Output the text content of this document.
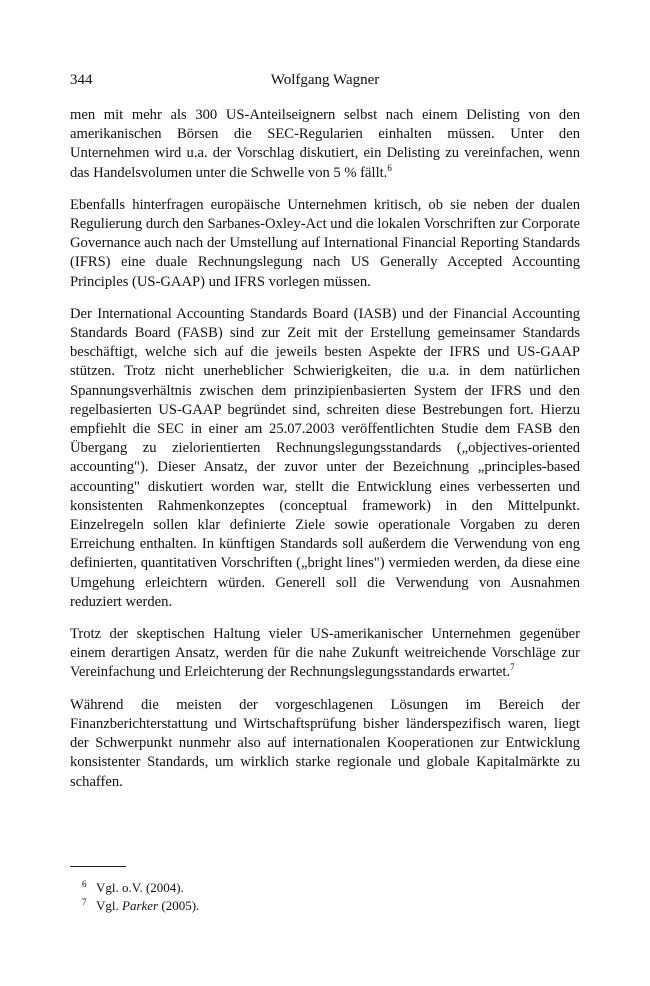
344	Wolfgang Wagner

men mit mehr als 300 US-Anteilseignern selbst nach einem Delisting von den amerikanischen Börsen die SEC-Regularien einhalten müssen. Unter den Unternehmen wird u.a. der Vorschlag diskutiert, ein Delisting zu vereinfachen, wenn das Handelsvolumen unter die Schwelle von 5 % fällt.$^6$

Ebenfalls hinterfragen europäische Unternehmen kritisch, ob sie neben der dualen Regulierung durch den Sarbanes-Oxley-Act und die lokalen Vorschriften zur Corporate Governance auch nach der Umstellung auf International Financial Reporting Standards (IFRS) eine duale Rechnungslegung nach US Generally Accepted Accounting Principles (US-GAAP) und IFRS vorlegen müssen.

Der International Accounting Standards Board (IASB) und der Financial Accounting Standards Board (FASB) sind zur Zeit mit der Erstellung gemeinsamer Standards beschäftigt, welche sich auf die jeweils besten Aspekte der IFRS und US-GAAP stützen. Trotz nicht unerheblicher Schwierigkeiten, die u.a. in dem natürlichen Spannungsverhältnis zwischen dem prinzipienbasierten System der IFRS und den regelbasierten US-GAAP begründet sind, schreiten diese Bestrebungen fort. Hierzu empfiehlt die SEC in einer am 25.07.2003 veröffentlichten Studie dem FASB den Übergang zu zielorientierten Rechnungslegungsstandards („objectives-oriented accounting"). Dieser Ansatz, der zuvor unter der Bezeichnung „principles-based accounting" diskutiert worden war, stellt die Entwicklung eines verbesserten und konsistenten Rahmenkonzeptes (conceptual framework) in den Mittelpunkt. Einzelregeln sollen klar definierte Ziele sowie operationale Vorgaben zu deren Erreichung enthalten. In künftigen Standards soll außerdem die Verwendung von eng definierten, quantitativen Vorschriften („bright lines") vermieden werden, da diese eine Umgehung erleichtern würden. Generell soll die Verwendung von Ausnahmen reduziert werden.

Trotz der skeptischen Haltung vieler US-amerikanischer Unternehmen gegenüber einem derartigen Ansatz, werden für die nahe Zukunft weitreichende Vorschläge zur Vereinfachung und Erleichterung der Rechnungslegungsstandards erwartet.$^7$

Während die meisten der vorgeschlagenen Lösungen im Bereich der Finanzberichterstattung und Wirtschaftsprüfung bisher länderspezifisch waren, liegt der Schwerpunkt nunmehr also auf internationalen Kooperationen zur Entwicklung konsistenter Standards, um wirklich starke regionale und globale Kapitalmärkte zu schaffen.

6 Vgl. o.V. (2004).
7 Vgl. Parker (2005).
